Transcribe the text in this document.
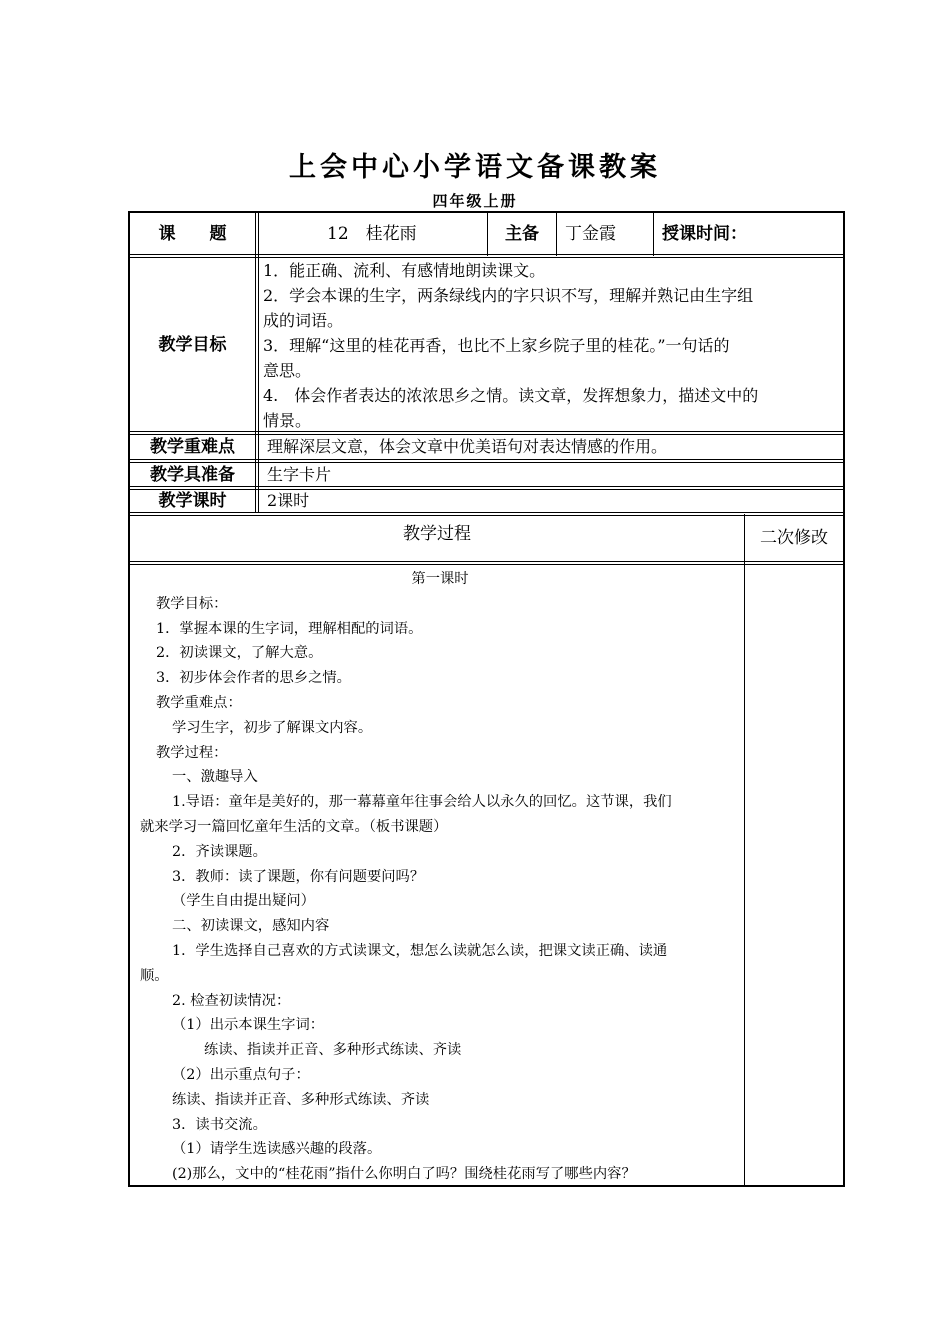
上会中心小学语文备课教案
四年级上册
课　　题	12　桂花雨	主备	丁金霞	授课时间：
教学目标
1．能正确、流利、有感情地朗读课文。
2．学会本课的生字，两条绿线内的字只识不写，理解并熟记由生字组
成的词语。
3．理解“这里的桂花再香，也比不上家乡院子里的桂花。”一句话的
意思。
4.　体会作者表达的浓浓思乡之情。读文章，发挥想象力，描述文中的
情景。
教学重难点	理解深层文意，体会文章中优美语句对表达情感的作用。
教学具准备	生字卡片
教学课时	2课时
教学过程	二次修改
第一课时
教学目标：
1．掌握本课的生字词，理解相配的词语。
2．初读课文，了解大意。
3．初步体会作者的思乡之情。
教学重难点：
学习生字，初步了解课文内容。
教学过程：
一、激趣导入
1.导语：童年是美好的，那一幕幕童年往事会给人以永久的回忆。这节课，我们
就来学习一篇回忆童年生活的文章。（板书课题）
2．齐读课题。
3．教师：读了课题，你有问题要问吗？
（学生自由提出疑问）
二、初读课文，感知内容
1．学生选择自己喜欢的方式读课文，想怎么读就怎么读，把课文读正确、读通
顺。
2. 检查初读情况：
（1）出示本课生字词：
练读、指读并正音、多种形式练读、齐读
（2）出示重点句子：
练读、指读并正音、多种形式练读、齐读
3．读书交流。
（1）请学生选读感兴趣的段落。
(2)那么，文中的“桂花雨”指什么你明白了吗？围绕桂花雨写了哪些内容？
